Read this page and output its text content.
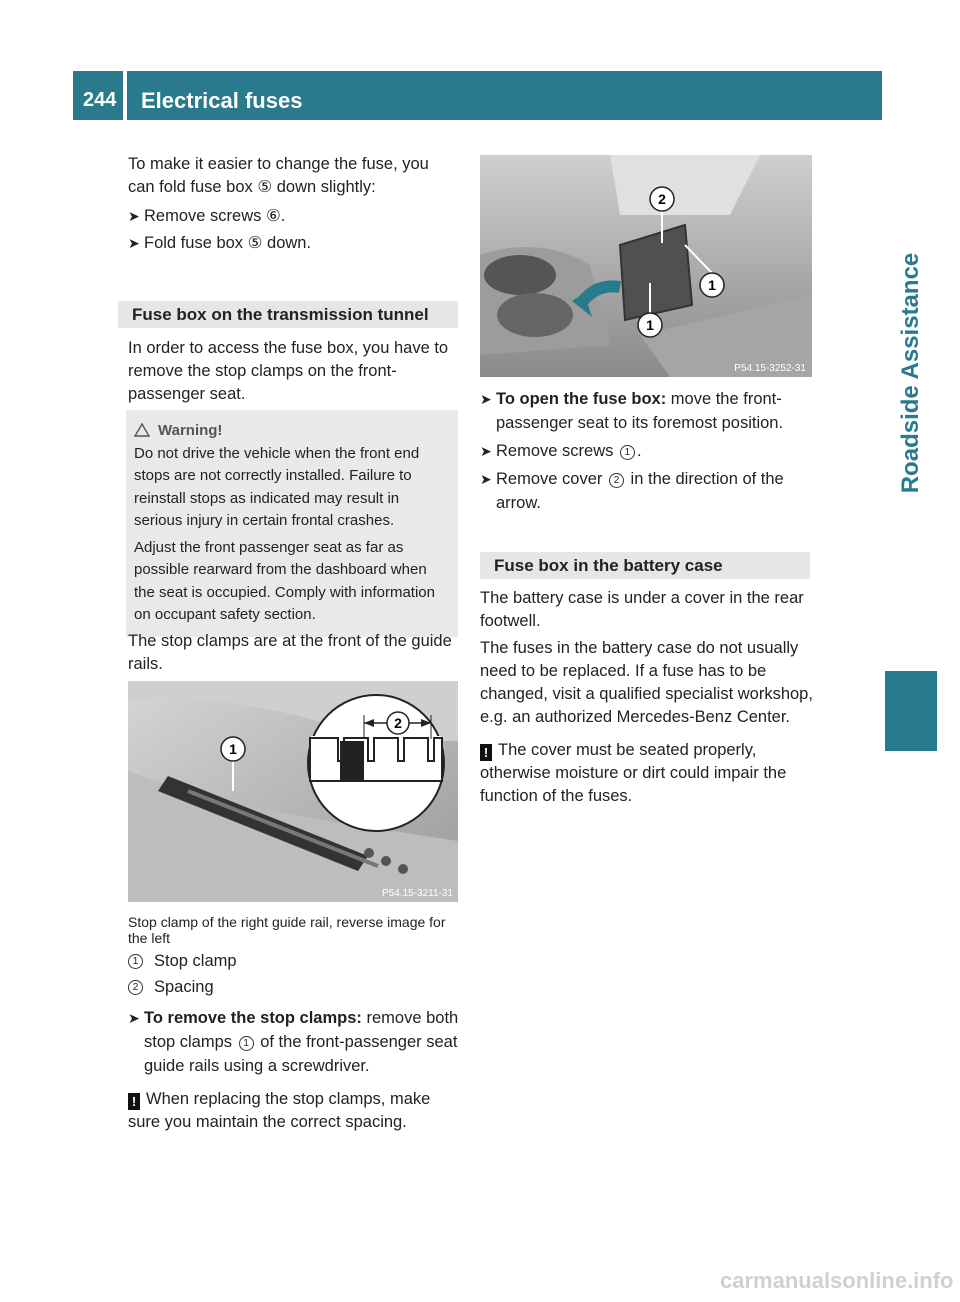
244	Electrical fuses
Roadside Assistance

To make it easier to change the fuse, you can fold fuse box ⑤ down slightly:

➤ Remove screws ⑥.
➤ Fold fuse box ⑤ down.
Fuse box on the transmission tunnel

In order to access the fuse box, you have to remove the stop clamps on the front-passenger seat.

Warning!
Do not drive the vehicle when the front end stops are not correctly installed. Failure to reinstall stops as indicated may result in serious injury in certain frontal crashes.
Adjust the front passenger seat as far as possible rearward from the dashboard when the seat is occupied. Comply with information on occupant safety section.

The stop clamps are at the front of the guide rails.

1
2
P54.15-3211-31
Stop clamp of the right guide rail, reverse image for the left
1 Stop clamp
2 Spacing
➤ To remove the stop clamps: remove both stop clamps 1 of the front-passenger seat guide rails using a screwdriver.
! When replacing the stop clamps, make sure you maintain the correct spacing.
2
1
1
P54.15-3252-31
➤ To open the fuse box: move the front-passenger seat to its foremost position.
➤ Remove screws 1 .
➤ Remove cover 2 in the direction of the arrow.
Fuse box in the battery case

The battery case is under a cover in the rear footwell.

The fuses in the battery case do not usually need to be replaced. If a fuse has to be changed, visit a qualified specialist workshop, e.g. an authorized Mercedes-Benz Center.

! The cover must be seated properly, otherwise moisture or dirt could impair the function of the fuses.
carmanualsonline.info
